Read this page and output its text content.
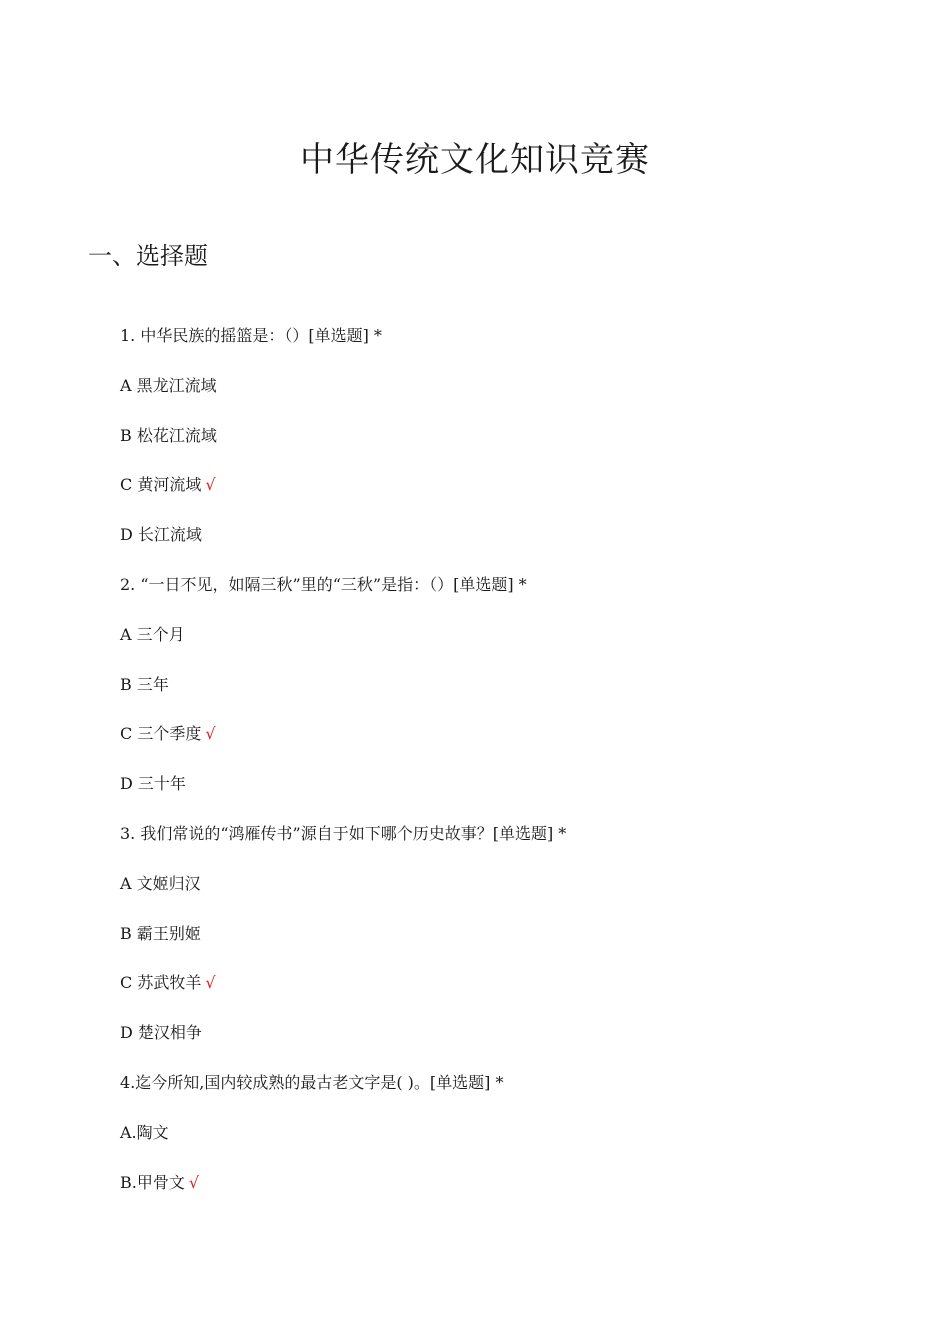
中华传统文化知识竞赛
一、选择题
1. 中华民族的摇篮是：（）[单选题] *
A 黑龙江流域
B 松花江流域
C 黄河流域 √
D 长江流域
2. “一日不见，如隔三秋”里的“三秋”是指：（）[单选题] *
A 三个月
B 三年
C 三个季度 √
D 三十年
3. 我们常说的“鸿雁传书”源自于如下哪个历史故事？[单选题] *
A 文姬归汉
B 霸王别姬
C 苏武牧羊 √
D 楚汉相争
4.迄今所知,国内较成熟的最古老文字是( )。[单选题] *
A.陶文
B.甲骨文 √
